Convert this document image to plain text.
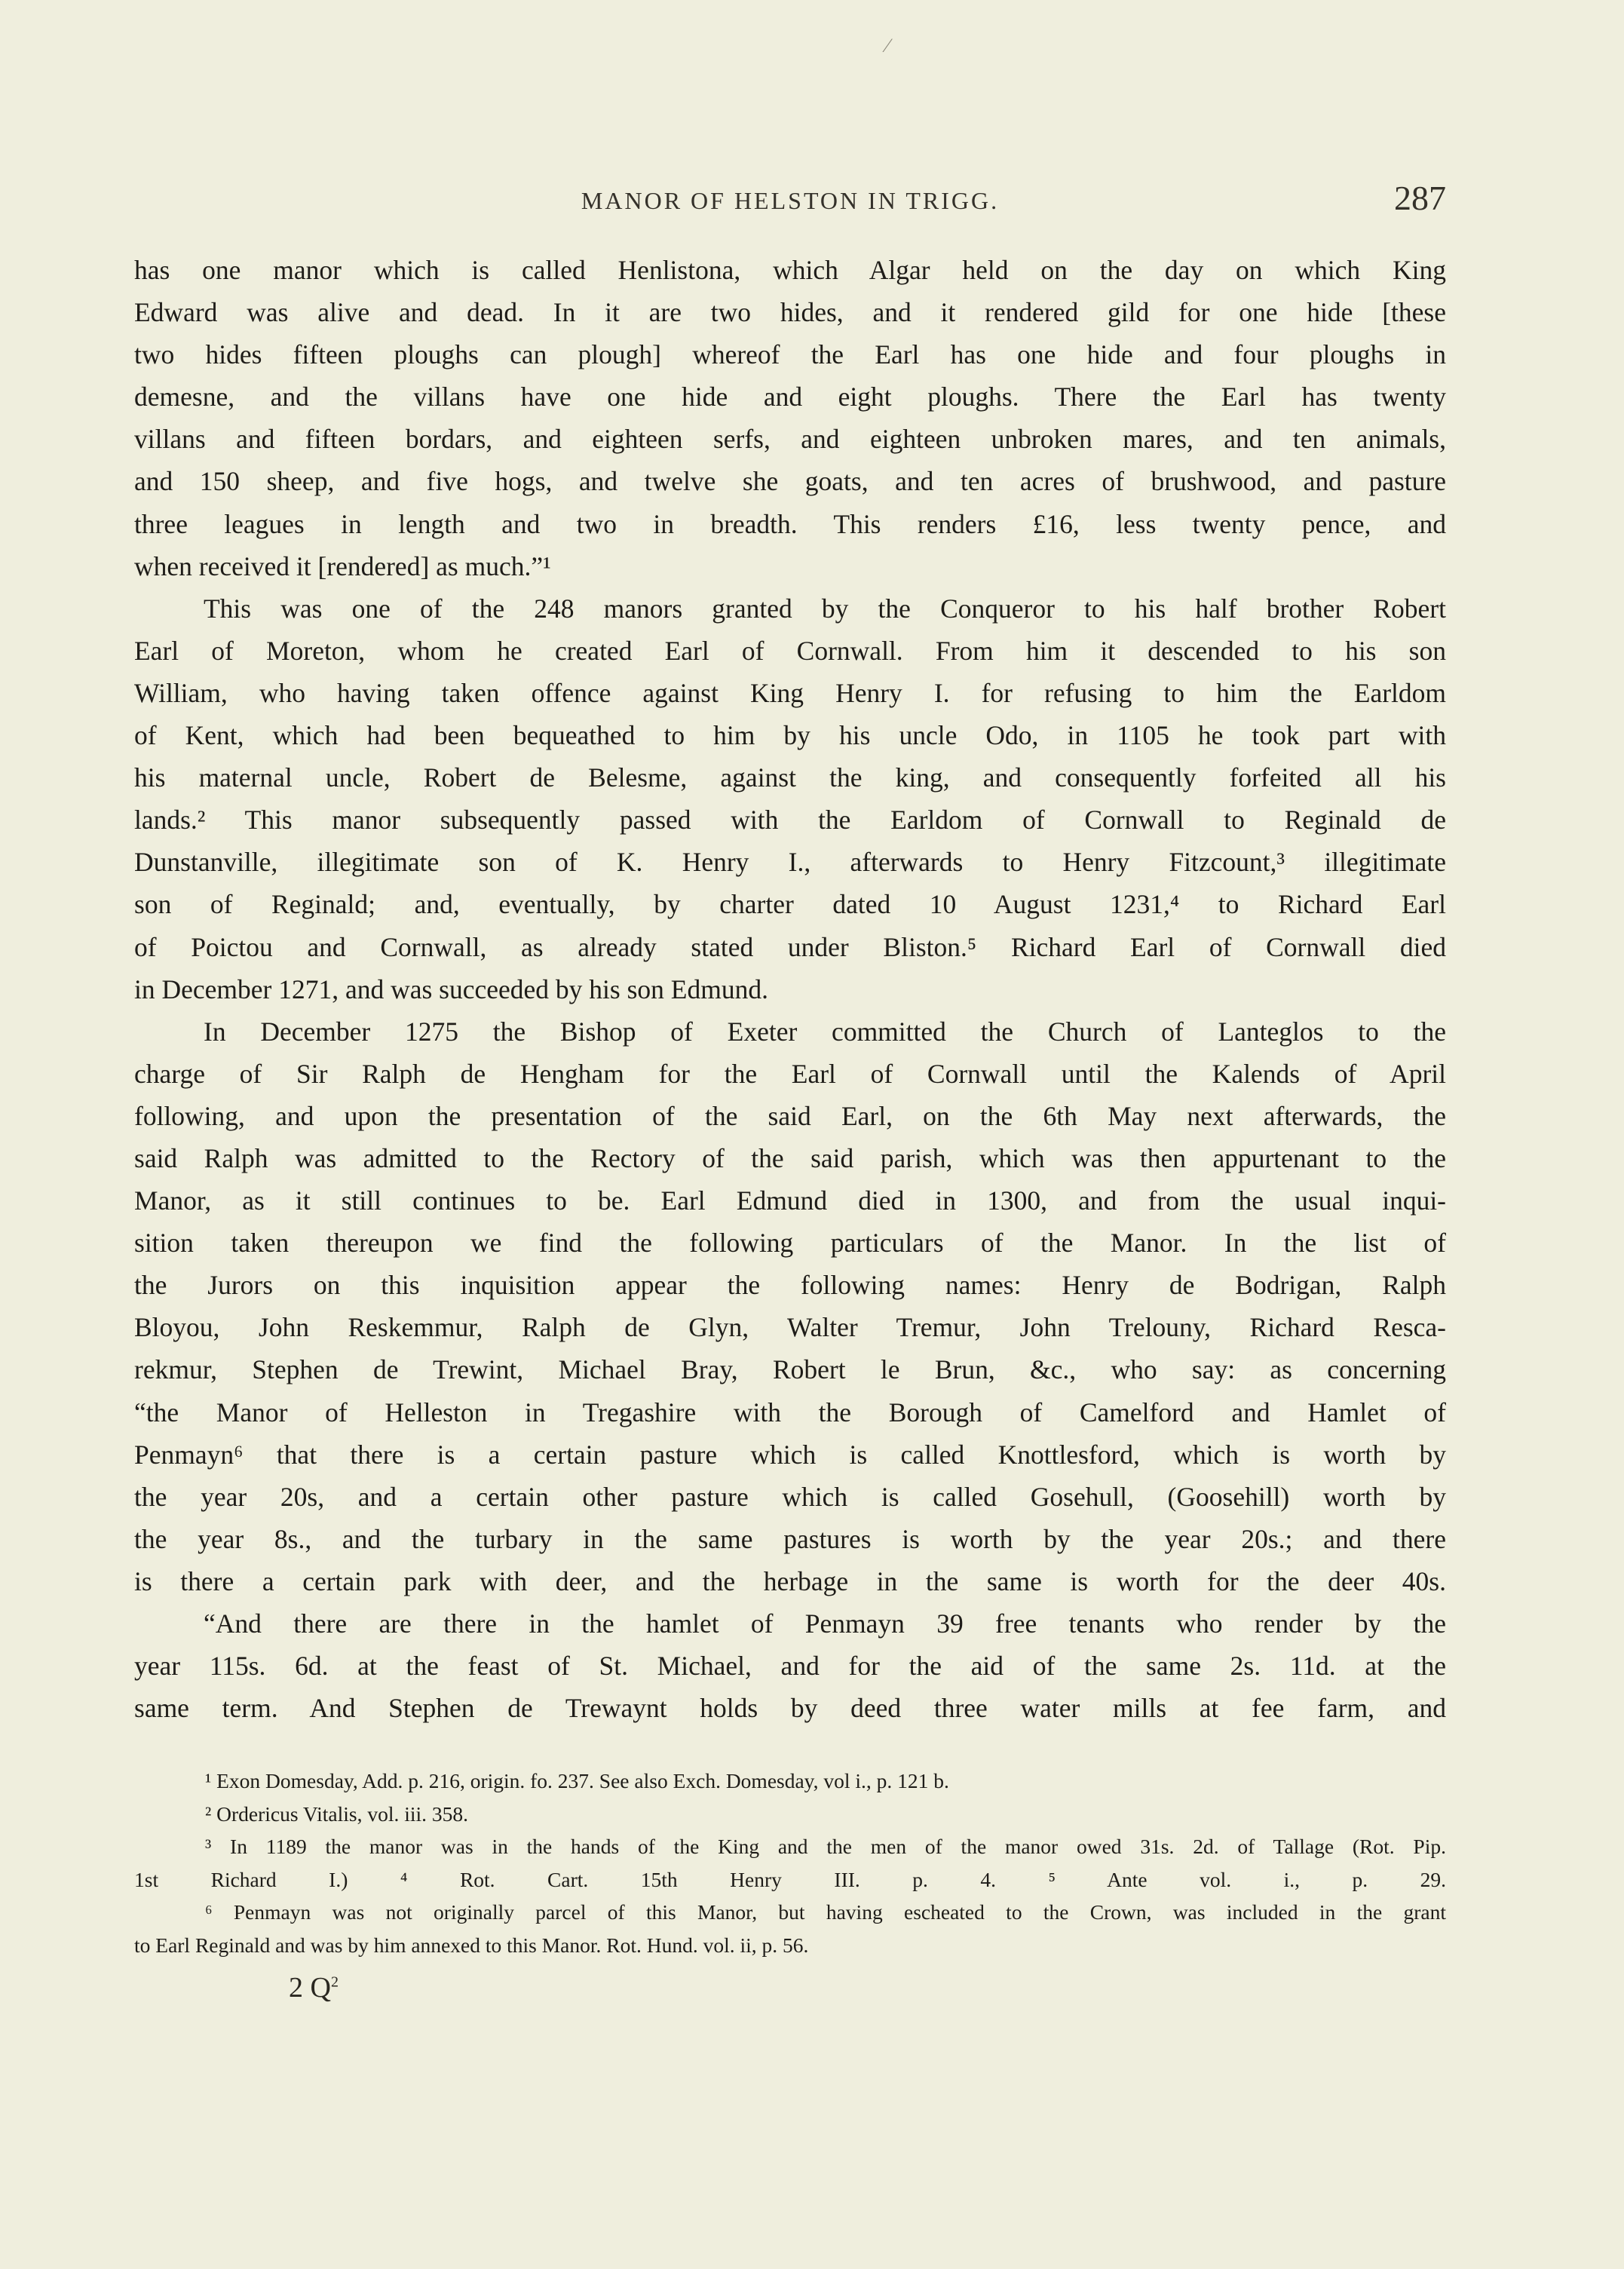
⁄
MANOR OF HELSTON IN TRIGG.	287
has one manor which is called Henlistona, which Algar held on the day on which King
Edward was alive and dead. In it are two hides, and it rendered gild for one hide [these
two hides fifteen ploughs can plough] whereof the Earl has one hide and four ploughs in
demesne, and the villans have one hide and eight ploughs. There the Earl has twenty
villans and fifteen bordars, and eighteen serfs, and eighteen unbroken mares, and ten animals,
and 150 sheep, and five hogs, and twelve she goats, and ten acres of brushwood, and pasture
three leagues in length and two in breadth. This renders £16, less twenty pence, and
when received it [rendered] as much.”¹
This was one of the 248 manors granted by the Conqueror to his half brother Robert
Earl of Moreton, whom he created Earl of Cornwall. From him it descended to his son
William, who having taken offence against King Henry I. for refusing to him the Earldom
of Kent, which had been bequeathed to him by his uncle Odo, in 1105 he took part with
his maternal uncle, Robert de Belesme, against the king, and consequently forfeited all his
lands.² This manor subsequently passed with the Earldom of Cornwall to Reginald de
Dunstanville, illegitimate son of K. Henry I., afterwards to Henry Fitzcount,³ illegitimate
son of Reginald; and, eventually, by charter dated 10 August 1231,⁴ to Richard Earl
of Poictou and Cornwall, as already stated under Bliston.⁵ Richard Earl of Cornwall died
in December 1271, and was succeeded by his son Edmund.
In December 1275 the Bishop of Exeter committed the Church of Lanteglos to the
charge of Sir Ralph de Hengham for the Earl of Cornwall until the Kalends of April
following, and upon the presentation of the said Earl, on the 6th May next afterwards, the
said Ralph was admitted to the Rectory of the said parish, which was then appurtenant to the
Manor, as it still continues to be. Earl Edmund died in 1300, and from the usual inqui-
sition taken thereupon we find the following particulars of the Manor. In the list of
the Jurors on this inquisition appear the following names: Henry de Bodrigan, Ralph
Bloyou, John Reskemmur, Ralph de Glyn, Walter Tremur, John Trelouny, Richard Resca-
rekmur, Stephen de Trewint, Michael Bray, Robert le Brun, &c., who say: as concerning
“the Manor of Helleston in Tregashire with the Borough of Camelford and Hamlet of
Penmayn⁶ that there is a certain pasture which is called Knottlesford, which is worth by
the year 20s, and a certain other pasture which is called Gosehull, (Goosehill) worth by
the year 8s., and the turbary in the same pastures is worth by the year 20s.; and there
is there a certain park with deer, and the herbage in the same is worth for the deer 40s.
“And there are there in the hamlet of Penmayn 39 free tenants who render by the
year 115s. 6d. at the feast of St. Michael, and for the aid of the same 2s. 11d. at the
same term. And Stephen de Trewaynt holds by deed three water mills at fee farm, and
¹ Exon Domesday, Add. p. 216, origin. fo. 237. See also Exch. Domesday, vol i., p. 121 b.
² Ordericus Vitalis, vol. iii. 358.
³ In 1189 the manor was in the hands of the King and the men of the manor owed 31s. 2d. of Tallage (Rot. Pip.
1st Richard I.) ⁴ Rot. Cart. 15th Henry III. p. 4. ⁵ Ante vol. i., p. 29.
⁶ Penmayn was not originally parcel of this Manor, but having escheated to the Crown, was included in the grant
to Earl Reginald and was by him annexed to this Manor. Rot. Hund. vol. ii, p. 56.
2 $Q^2$
